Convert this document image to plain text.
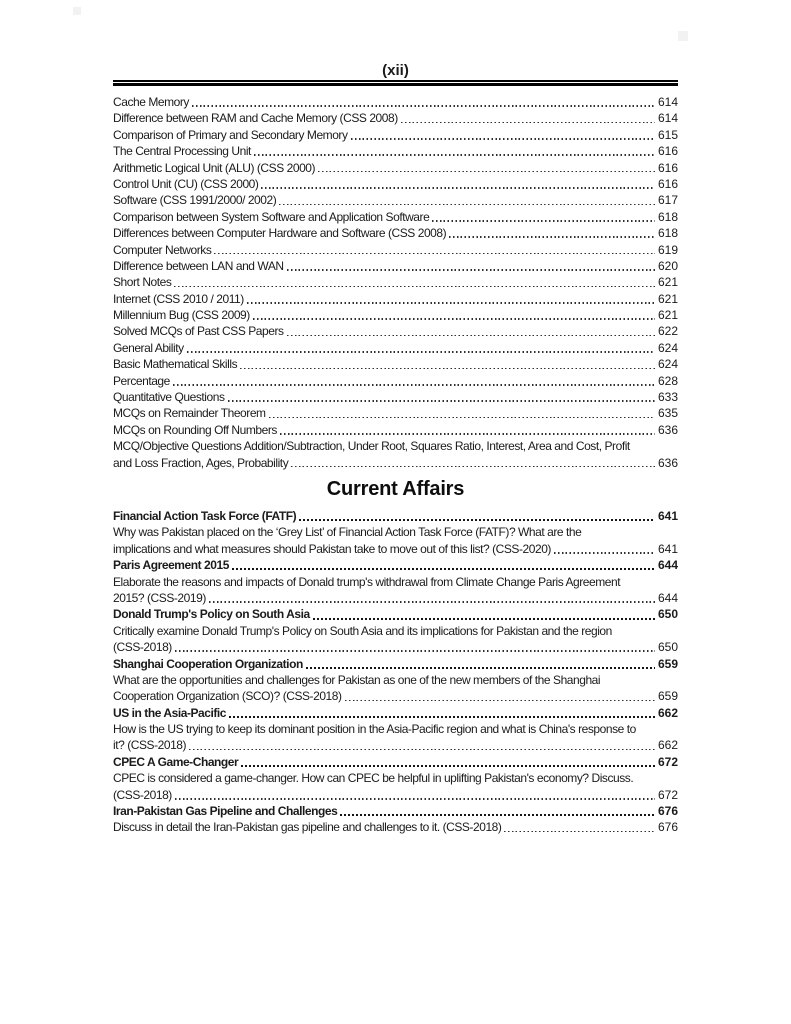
(xii)
Cache Memory	614
Difference between RAM and Cache Memory (CSS 2008)	614
Comparison of Primary and Secondary Memory	615
The Central Processing Unit	616
Arithmetic Logical Unit (ALU) (CSS 2000)	616
Control Unit (CU) (CSS 2000)	616
Software (CSS 1991/2000/ 2002)	617
Comparison between System Software and Application Software	618
Differences between Computer Hardware and Software (CSS 2008)	618
Computer Networks	619
Difference between LAN and WAN	620
Short Notes	621
Internet (CSS 2010 / 2011)	621
Millennium Bug (CSS 2009)	621
Solved MCQs of Past CSS Papers	622
General Ability	624
Basic Mathematical Skills	624
Percentage	628
Quantitative Questions	633
MCQs on Remainder Theorem	635
MCQs on Rounding Off Numbers	636
MCQ/Objective Questions Addition/Subtraction, Under Root, Squares Ratio, Interest, Area and Cost, Profit
and Loss Fraction, Ages, Probability	636
Current Affairs
Financial Action Task Force (FATF)	641
Why was Pakistan placed on the ‘Grey List’ of Financial Action Task Force (FATF)? What are the
implications and what measures should Pakistan take to move out of this list? (CSS-2020)	641
Paris Agreement 2015	644
Elaborate the reasons and impacts of Donald trump's withdrawal from Climate Change Paris Agreement
2015? (CSS-2019)	644
Donald Trump's Policy on South Asia	650
Critically examine Donald Trump's Policy on South Asia and its implications for Pakistan and the region
(CSS-2018)	650
Shanghai Cooperation Organization	659
What are the opportunities and challenges for Pakistan as one of the new members of the Shanghai
Cooperation Organization (SCO)? (CSS-2018)	659
US in the Asia-Pacific	662
How is the US trying to keep its dominant position in the Asia-Pacific region and what is China's response to
it? (CSS-2018)	662
CPEC A Game-Changer	672
CPEC is considered a game-changer. How can CPEC be helpful in uplifting Pakistan's economy? Discuss.
(CSS-2018)	672
Iran-Pakistan Gas Pipeline and Challenges	676
Discuss in detail the Iran-Pakistan gas pipeline and challenges to it. (CSS-2018)	676
